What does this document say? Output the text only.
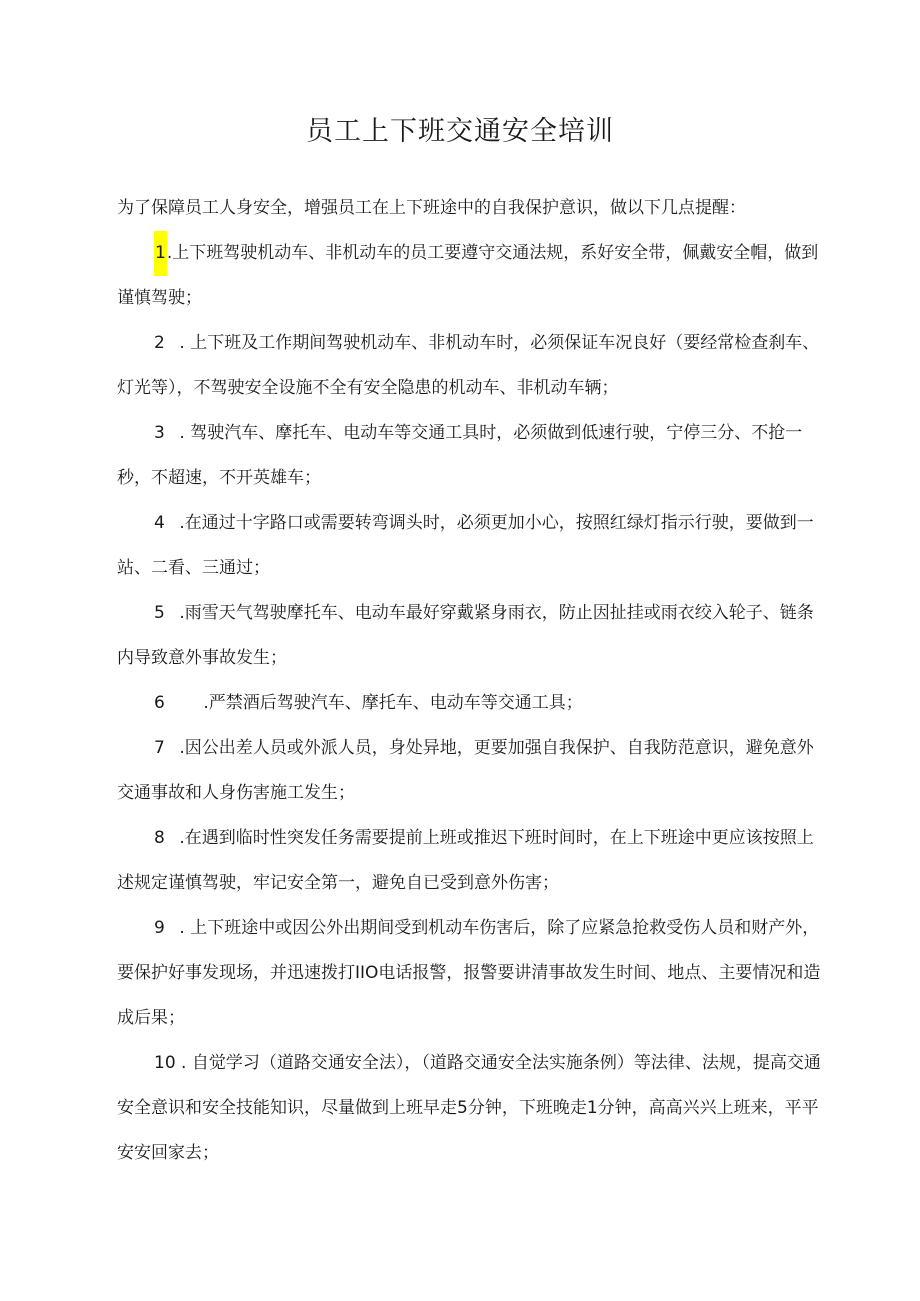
员工上下班交通安全培训

为了保障员工人身安全，增强员工在上下班途中的自我保护意识，做以下几点提醒：

1.上下班驾驶机动车、非机动车的员工要遵守交通法规，系好安全带，佩戴安全帽，做到谨慎驾驶；

2 . 上下班及工作期间驾驶机动车、非机动车时，必须保证车况良好（要经常检查刹车、灯光等），不驾驶安全设施不全有安全隐患的机动车、非机动车辆；

3 . 驾驶汽车、摩托车、电动车等交通工具时，必须做到低速行驶，宁停三分、不抢一秒，不超速，不开英雄车；

4 .在通过十字路口或需要转弯调头时，必须更加小心，按照红绿灯指示行驶，要做到一站、二看、三通过；

5 .雨雪天气驾驶摩托车、电动车最好穿戴紧身雨衣，防止因扯挂或雨衣绞入轮子、链条内导致意外事故发生；

6 .严禁酒后驾驶汽车、摩托车、电动车等交通工具；

7 .因公出差人员或外派人员，身处异地，更要加强自我保护、自我防范意识，避免意外交通事故和人身伤害施工发生；

8 .在遇到临时性突发任务需要提前上班或推迟下班时间时，在上下班途中更应该按照上述规定谨慎驾驶，牢记安全第一，避免自已受到意外伤害；

9 . 上下班途中或因公外出期间受到机动车伤害后，除了应紧急抢救受伤人员和财产外，要保护好事发现场，并迅速拨打IIO电话报警，报警要讲清事故发生时间、地点、主要情况和造成后果；

10 . 自觉学习（道路交通安全法），（道路交通安全法实施条例）等法律、法规，提高交通安全意识和安全技能知识，尽量做到上班早走5分钟，下班晚走1分钟，高高兴兴上班来，平平安安回家去；
